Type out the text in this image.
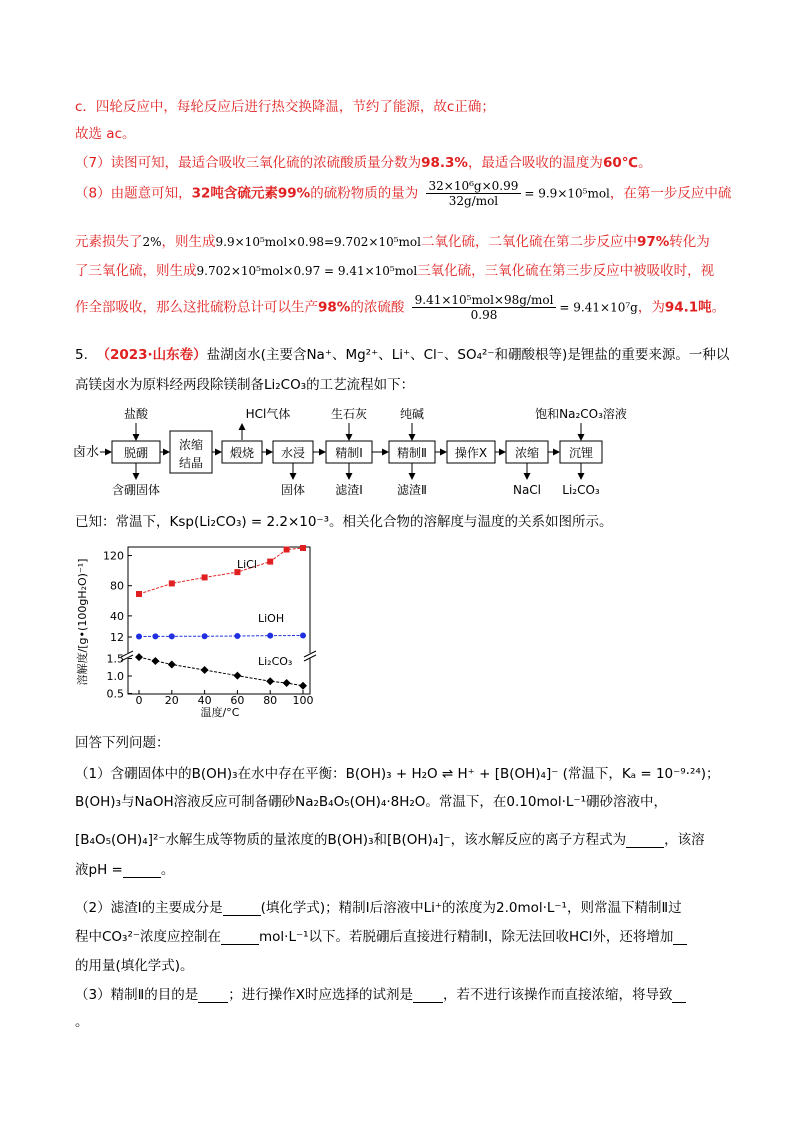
c．四轮反应中，每轮反应后进行热交换降温，节约了能源，故c正确；
故选 ac。
（7）读图可知，最适合吸收三氧化硫的浓硫酸质量分数为98.3%，最适合吸收的温度为60℃。
（8）由题意可知，32吨含硫元素99%的硫粉物质的量为 $\frac{\text{32×10⁶g×0.99}}{\text{32g/mol}} = 9.9\times 10^5mol$，在第一步反应中硫
元素损失了2%，则生成9.9×10⁵mol×0.98=9.702×10⁵mol二氧化硫，二氧化硫在第二步反应中97%转化为
了三氧化硫，则生成9.702×10⁵mol×0.97 = 9.41×10⁵mol三氧化硫，三氧化硫在第三步反应中被吸收时，视
作全部吸收，那么这批硫粉总计可以生产98%的浓硫酸 $\frac{\text{9.41×10⁵mol×98g/mol}}{0.98} = 9.41\times 10^7g$，为94.1吨。
5. （2023·山东卷）盐湖卤水(主要含Na⁺、Mg²⁺、Li⁺、Cl⁻、SO₄²⁻和硼酸根等)是锂盐的重要来源。一种以
高镁卤水为原料经两段除镁制备Li₂CO₃的工艺流程如下：
卤水 脱硼
浓缩
结晶
煅烧 水浸	精制Ⅰ	精制Ⅱ 操作X 浓缩 沉锂
盐酸	HCl气体	生石灰	纯碱	饱和Na₂CO₃溶液
含硼固体	固体	滤渣Ⅰ	滤渣Ⅱ	NaCl Li₂CO₃
已知：常温下，Ksp(Li₂CO₃) = 2.2×10⁻³。相关化合物的溶解度与温度的关系如图所示。
溶解度/[g•(100gH₂O)⁻¹]
温度/°C
12
40
80
120
0.5
1.0
1.5
0 20 40 60 80 100
LiCl
LiOH
Li₂CO₃
回答下列问题：
（1）含硼固体中的B(OH)₃在水中存在平衡：B(OH)₃ + H₂O ⇌ H⁺ + [B(OH)₄]⁻ (常温下，Kₐ = 10⁻⁹·²⁴)；
B(OH)₃与NaOH溶液反应可制备硼砂Na₂B₄O₅(OH)₄·8H₂O。常温下，在0.10mol·L⁻¹硼砂溶液中，
[B₄O₅(OH)₄]²⁻水解生成等物质的量浓度的B(OH)₃和[B(OH)₄]⁻，该水解反应的离子方程式为	，该溶
液pH =	。
（2）滤渣Ⅰ的主要成分是	(填化学式)；精制Ⅰ后溶液中Li⁺的浓度为2.0mol·L⁻¹，则常温下精制Ⅱ过
程中CO₃²⁻浓度应控制在	mol·L⁻¹以下。若脱硼后直接进行精制Ⅰ，除无法回收HCl外，还将增加
的用量(填化学式)。
（3）精制Ⅱ的目的是 ；进行操作X时应选择的试剂是 ，若不进行该操作而直接浓缩，将导致
。
